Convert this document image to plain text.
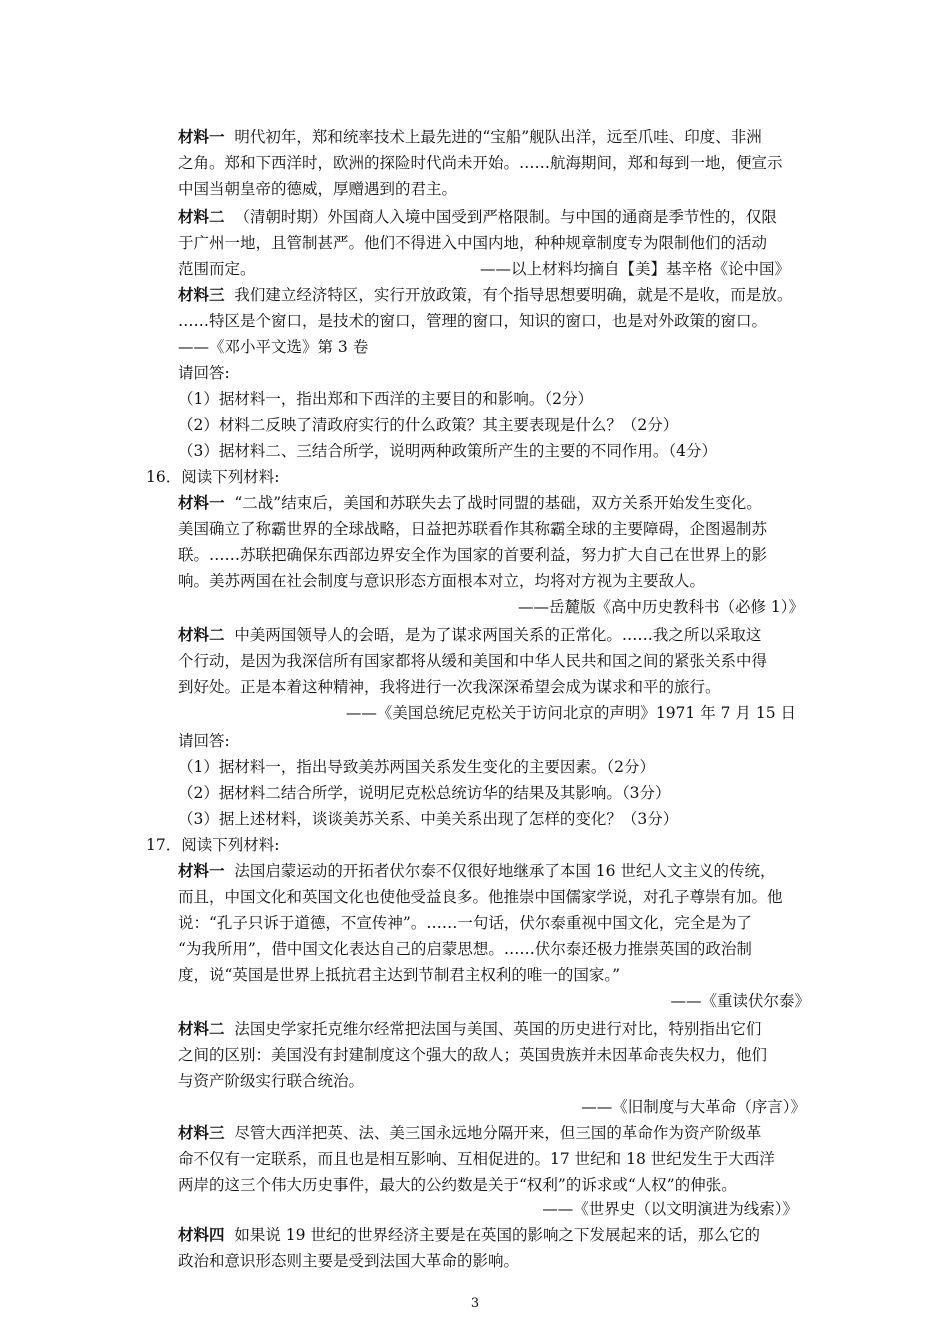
材料一 明代初年，郑和统率技术上最先进的“宝船”舰队出洋，远至爪哇、印度、非洲
之角。郑和下西洋时，欧洲的探险时代尚未开始。……航海期间，郑和每到一地，便宣示
中国当朝皇帝的德威，厚赠遇到的君主。
材料二 （清朝时期）外国商人入境中国受到严格限制。与中国的通商是季节性的，仅限
于广州一地，且管制甚严。他们不得进入中国内地，种种规章制度专为限制他们的活动
范围而定。	——以上材料均摘自【美】基辛格《论中国》
材料三 我们建立经济特区，实行开放政策，有个指导思想要明确，就是不是收，而是放。
……特区是个窗口，是技术的窗口，管理的窗口，知识的窗口，也是对外政策的窗口。
——《邓小平文选》第 3 卷
请回答:
（1）据材料一，指出郑和下西洋的主要目的和影响。（2分）
（2）材料二反映了清政府实行的什么政策？其主要表现是什么？（2分）
（3）据材料二、三结合所学，说明两种政策所产生的主要的不同作用。（4分）
16．阅读下列材料:
材料一 “二战”结束后，美国和苏联失去了战时同盟的基础，双方关系开始发生变化。
美国确立了称霸世界的全球战略，日益把苏联看作其称霸全球的主要障碍，企图遏制苏
联。……苏联把确保东西部边界安全作为国家的首要利益，努力扩大自己在世界上的影
响。美苏两国在社会制度与意识形态方面根本对立，均将对方视为主要敌人。
——岳麓版《高中历史教科书（必修 1）》
材料二 中美两国领导人的会晤，是为了谋求两国关系的正常化。……我之所以采取这
个行动，是因为我深信所有国家都将从缓和美国和中华人民共和国之间的紧张关系中得
到好处。正是本着这种精神，我将进行一次我深深希望会成为谋求和平的旅行。
——《美国总统尼克松关于访问北京的声明》1971 年 7 月 15 日
请回答:
（1）据材料一，指出导致美苏两国关系发生变化的主要因素。（2分）
（2）据材料二结合所学，说明尼克松总统访华的结果及其影响。（3分）
（3）据上述材料，谈谈美苏关系、中美关系出现了怎样的变化？（3分）
17．阅读下列材料:
材料一 法国启蒙运动的开拓者伏尔泰不仅很好地继承了本国 16 世纪人文主义的传统，
而且，中国文化和英国文化也使他受益良多。他推崇中国儒家学说，对孔子尊崇有加。他
说：“孔子只诉于道德，不宣传神”。……一句话，伏尔泰重视中国文化，完全是为了
“为我所用”，借中国文化表达自己的启蒙思想。……伏尔泰还极力推崇英国的政治制
度，说“英国是世界上抵抗君主达到节制君主权利的唯一的国家。”
——《重读伏尔泰》
材料二 法国史学家托克维尔经常把法国与美国、英国的历史进行对比，特别指出它们
之间的区别：美国没有封建制度这个强大的敌人；英国贵族并未因革命丧失权力，他们
与资产阶级实行联合统治。
——《旧制度与大革命（序言）》
材料三 尽管大西洋把英、法、美三国永远地分隔开来，但三国的革命作为资产阶级革
命不仅有一定联系，而且也是相互影响、互相促进的。17 世纪和 18 世纪发生于大西洋
两岸的这三个伟大历史事件，最大的公约数是关于“权利”的诉求或“人权”的伸张。
——《世界史（以文明演进为线索）》
材料四 如果说 19 世纪的世界经济主要是在英国的影响之下发展起来的话，那么它的
政治和意识形态则主要是受到法国大革命的影响。
3
